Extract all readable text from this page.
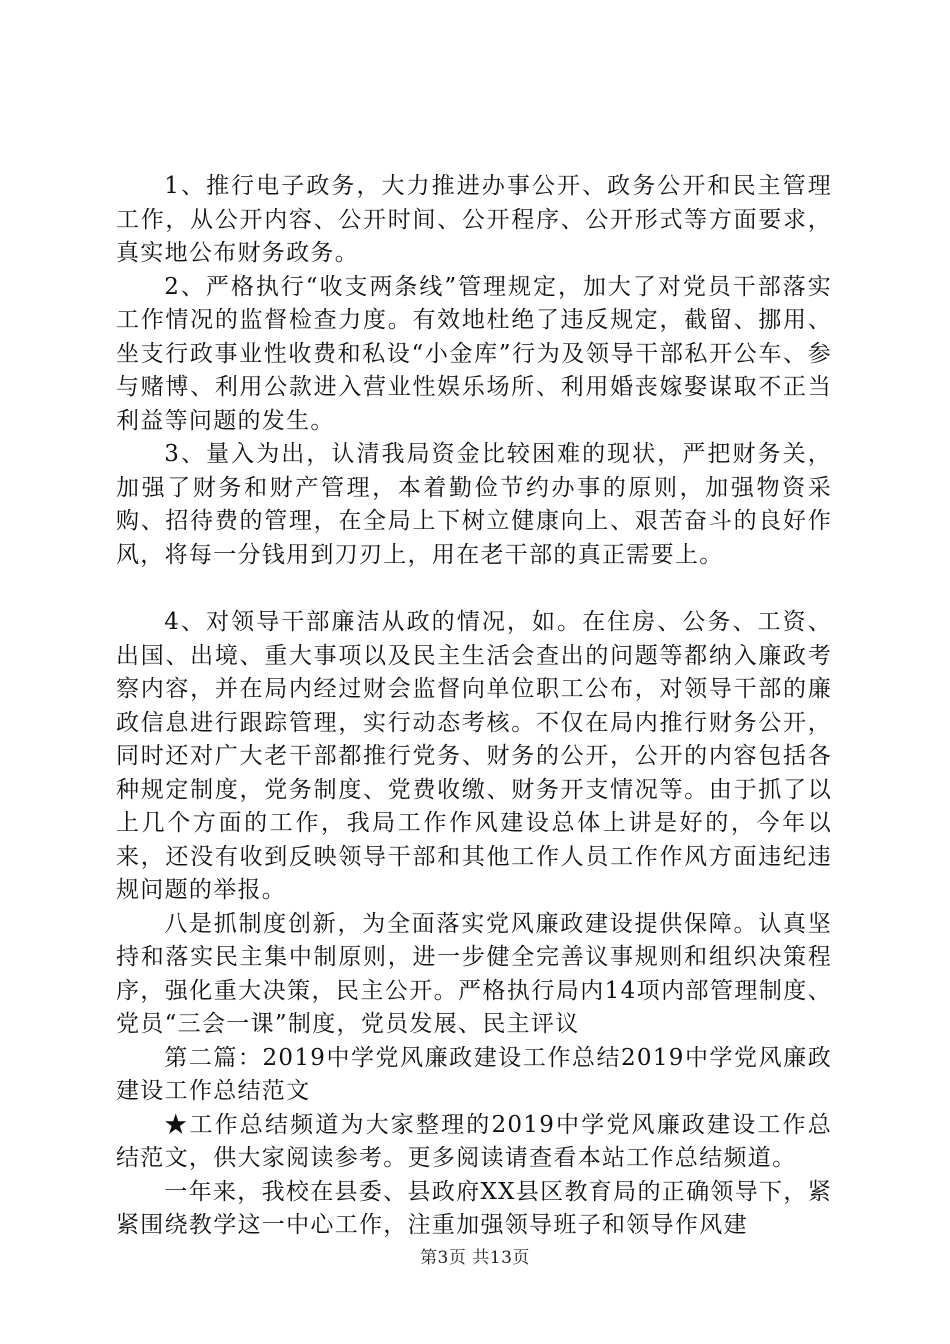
1、推行电子政务，大力推进办事公开、政务公开和民主管理工作，从公开内容、公开时间、公开程序、公开形式等方面要求，真实地公布财务政务。

2、严格执行“收支两条线”管理规定，加大了对党员干部落实工作情况的监督检查力度。有效地杜绝了违反规定，截留、挪用、坐支行政事业性收费和私设“小金库”行为及领导干部私开公车、参与赌博、利用公款进入营业性娱乐场所、利用婚丧嫁娶谋取不正当利益等问题的发生。

3、量入为出，认清我局资金比较困难的现状，严把财务关，加强了财务和财产管理，本着勤俭节约办事的原则，加强物资采购、招待费的管理，在全局上下树立健康向上、艰苦奋斗的良好作风，将每一分钱用到刀刃上，用在老干部的真正需要上。

4、对领导干部廉洁从政的情况，如。在住房、公务、工资、出国、出境、重大事项以及民主生活会查出的问题等都纳入廉政考察内容，并在局内经过财会监督向单位职工公布，对领导干部的廉政信息进行跟踪管理，实行动态考核。不仅在局内推行财务公开，同时还对广大老干部都推行党务、财务的公开，公开的内容包括各种规定制度，党务制度、党费收缴、财务开支情况等。由于抓了以上几个方面的工作，我局工作作风建设总体上讲是好的，今年以来，还没有收到反映领导干部和其他工作人员工作作风方面违纪违规问题的举报。

八是抓制度创新，为全面落实党风廉政建设提供保障。认真坚持和落实民主集中制原则，进一步健全完善议事规则和组织决策程序，强化重大决策，民主公开。严格执行局内14项内部管理制度、党员“三会一课”制度，党员发展、民主评议

第二篇：2019中学党风廉政建设工作总结2019中学党风廉政建设工作总结范文

★工作总结频道为大家整理的2019中学党风廉政建设工作总结范文，供大家阅读参考。更多阅读请查看本站工作总结频道。

一年来，我校在县委、县政府XX县区教育局的正确领导下，紧紧围绕教学这一中心工作，注重加强领导班子和领导作风建

第3页 共13页
